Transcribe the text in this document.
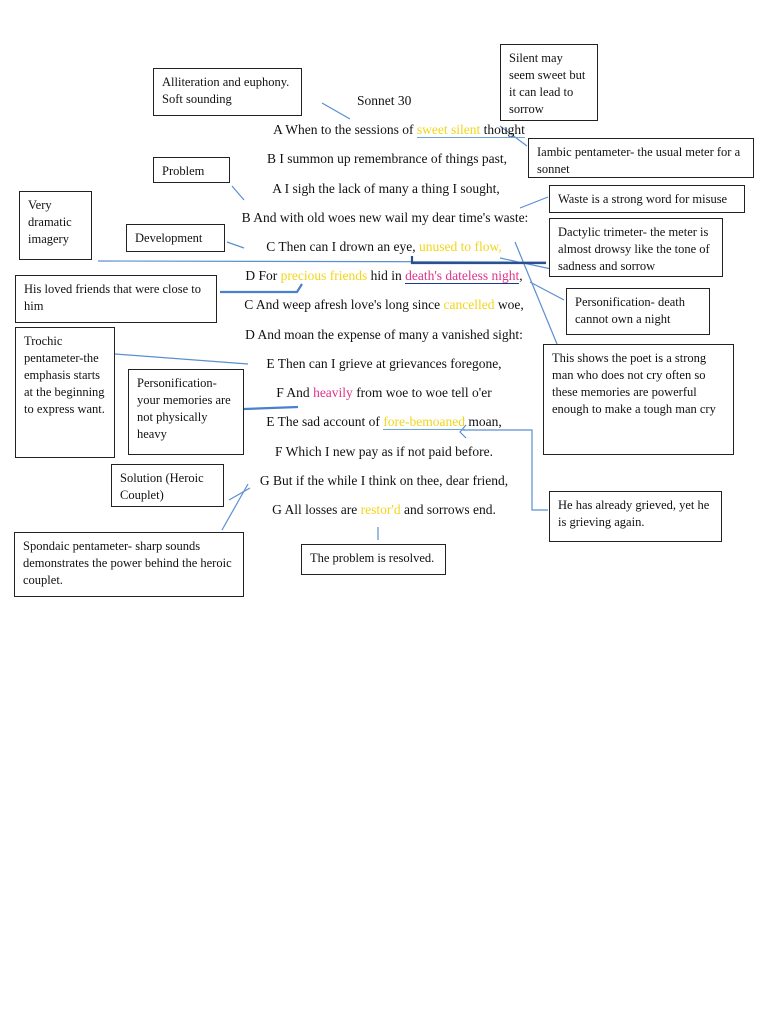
Sonnet 30
A When to the sessions of sweet silent thought
B I summon up remembrance of things past,
A I sigh the lack of many a thing I sought,
B And with old woes new wail my dear time's waste:
C Then can I drown an eye, unused to flow,
D For precious friends hid in death's dateless night,
C And weep afresh love's long since cancelled woe,
D And moan the expense of many a vanished sight:
E Then can I grieve at grievances foregone,
F And heavily from woe to woe tell o'er
E The sad account of fore-bemoaned moan,
F Which I new pay as if not paid before.
G But if the while I think on thee, dear friend,
G All losses are restor'd and sorrows end.
Alliteration and euphony. Soft sounding
Silent may seem sweet but it can lead to sorrow
Iambic pentameter- the usual meter for a sonnet
Problem
Waste is a strong word for misuse
Very dramatic imagery	Development	Dactylic trimeter- the meter is almost drowsy like the tone of sadness and sorrow
His loved friends that were close to him	Personification- death cannot own a night
Trochic pentameter-the emphasis starts at the beginning to express want.
This shows the poet is a strong man who does not cry often so these memories are powerful enough to make a tough man cry
Personification- your memories are not physically heavy
Solution (Heroic Couplet)
He has already grieved, yet he is grieving again.
Spondaic pentameter- sharp sounds demonstrates the power behind the heroic couplet.
The problem is resolved.
